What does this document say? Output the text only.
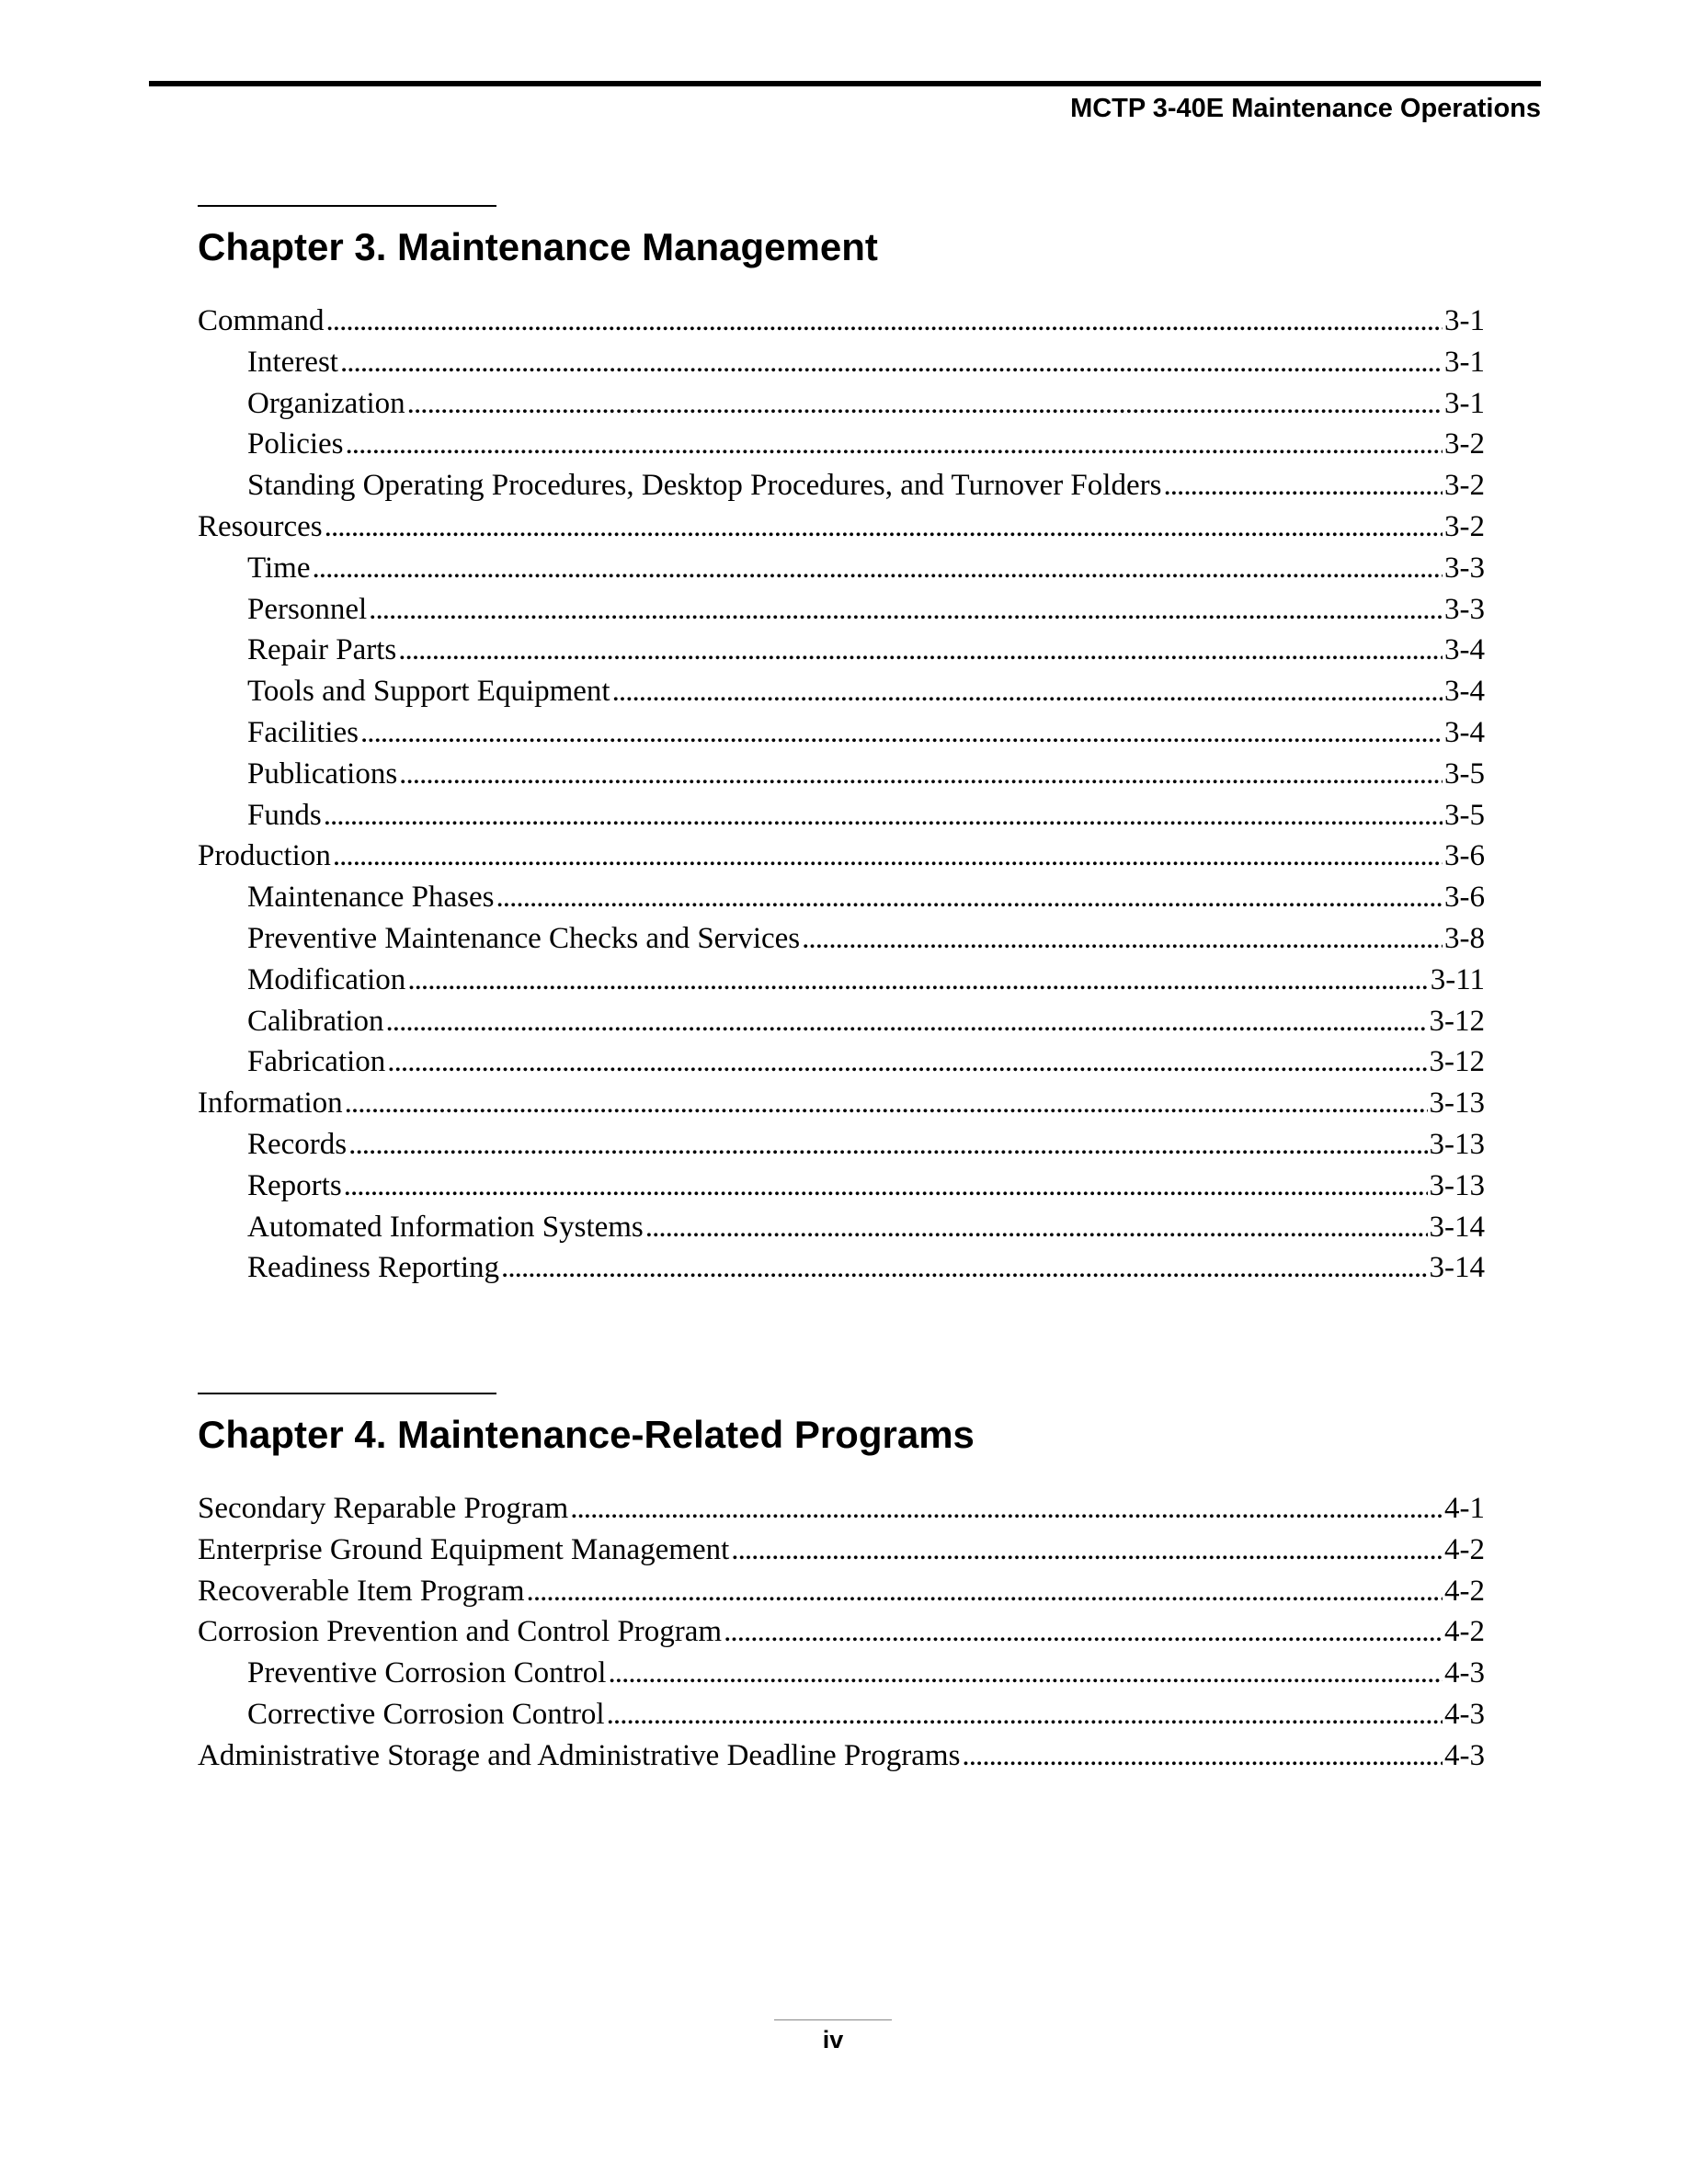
MCTP 3-40E Maintenance Operations
Chapter 3. Maintenance Management
Command . . .	3-1
Interest . . .	3-1
Organization . . .	3-1
Policies . . .	3-2
Standing Operating Procedures, Desktop Procedures, and Turnover Folders . . .	3-2
Resources . . .	3-2
Time . . .	3-3
Personnel . . .	3-3
Repair Parts . . .	3-4
Tools and Support Equipment . . .	3-4
Facilities . . .	3-4
Publications . . .	3-5
Funds . . .	3-5
Production . . .	3-6
Maintenance Phases . . .	3-6
Preventive Maintenance Checks and Services . . .	3-8
Modification . . .	3-11
Calibration . . .	3-12
Fabrication . . .	3-12
Information . . .	3-13
Records . . .	3-13
Reports . . .	3-13
Automated Information Systems . . .	3-14
Readiness Reporting . . .	3-14
Chapter 4. Maintenance-Related Programs
Secondary Reparable Program . . .	4-1
Enterprise Ground Equipment Management . . .	4-2
Recoverable Item Program . . .	4-2
Corrosion Prevention and Control Program . . .	4-2
Preventive Corrosion Control . . .	4-3
Corrective Corrosion Control . . .	4-3
Administrative Storage and Administrative Deadline Programs . . .	4-3
iv
